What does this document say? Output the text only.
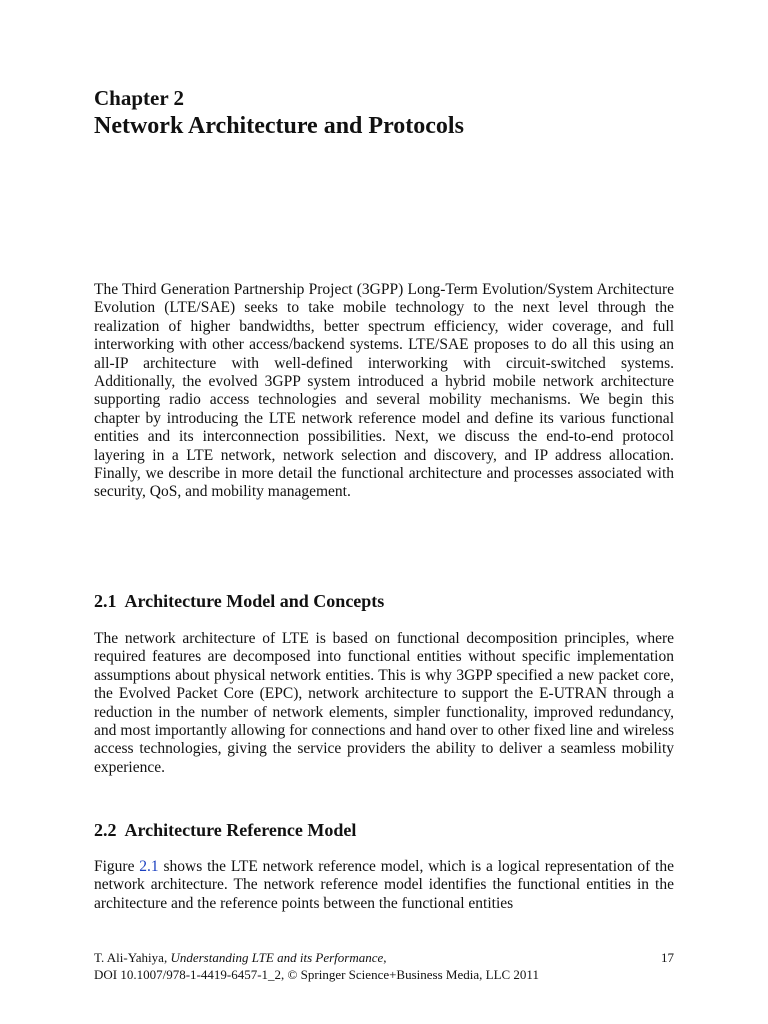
Chapter 2
Network Architecture and Protocols

The Third Generation Partnership Project (3GPP) Long-Term Evolution/System Architecture Evolution (LTE/SAE) seeks to take mobile technology to the next level through the realization of higher bandwidths, better spectrum efficiency, wider coverage, and full interworking with other access/backend systems. LTE/SAE proposes to do all this using an all-IP architecture with well-defined interworking with circuit-switched systems. Additionally, the evolved 3GPP system introduced a hybrid mobile network architecture supporting radio access technologies and several mobility mechanisms. We begin this chapter by introducing the LTE network reference model and define its various functional entities and its interconnection possibilities. Next, we discuss the end-to-end protocol layering in a LTE network, network selection and discovery, and IP address allocation. Finally, we describe in more detail the functional architecture and processes associated with security, QoS, and mobility management.

2.1 Architecture Model and Concepts

The network architecture of LTE is based on functional decomposition principles, where required features are decomposed into functional entities without specific implementation assumptions about physical network entities. This is why 3GPP specified a new packet core, the Evolved Packet Core (EPC), network architecture to support the E-UTRAN through a reduction in the number of network elements, simpler functionality, improved redundancy, and most importantly allowing for connections and hand over to other fixed line and wireless access technologies, giving the service providers the ability to deliver a seamless mobility experience.

2.2 Architecture Reference Model

Figure 2.1 shows the LTE network reference model, which is a logical representation of the network architecture. The network reference model identifies the functional entities in the architecture and the reference points between the functional entities

T. Ali-Yahiya, Understanding LTE and its Performance,
DOI 10.1007/978-1-4419-6457-1_2, © Springer Science+Business Media, LLC 2011
17
